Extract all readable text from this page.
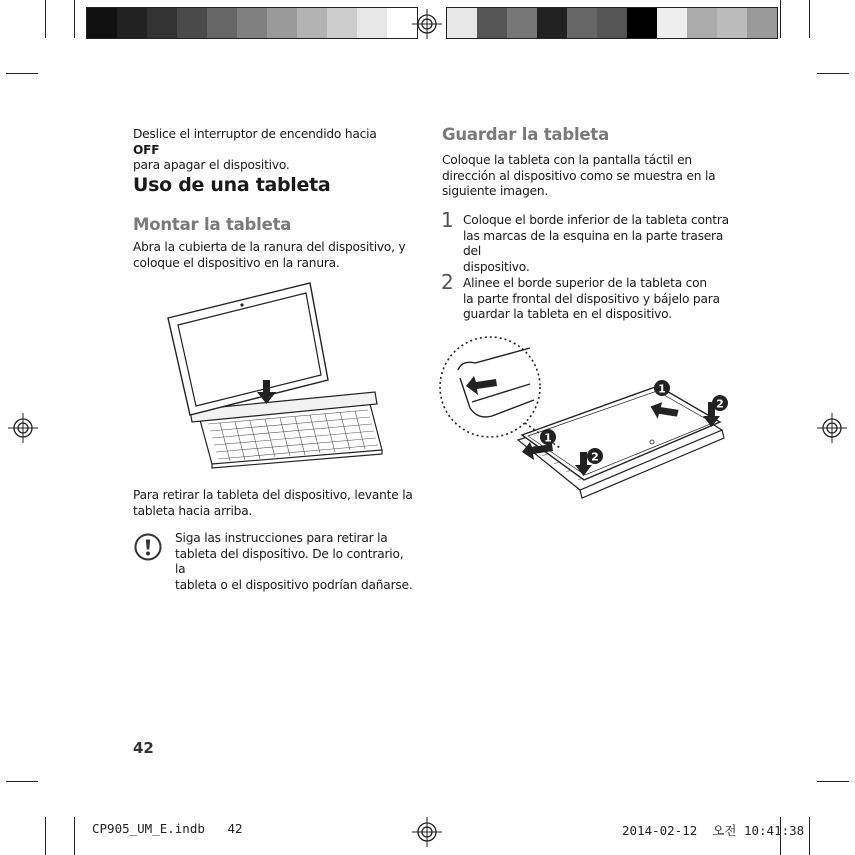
Deslice el interruptor de encendido hacia OFF
para apagar el dispositivo.
Uso de una tableta
Montar la tableta
Abra la cubierta de la ranura del dispositivo, y
coloque el dispositivo en la ranura.
Para retirar la tableta del dispositivo, levante la
tableta hacia arriba.
Siga las instrucciones para retirar la
tableta del dispositivo. De lo contrario, la
tableta o el dispositivo podrían dañarse.
Guardar la tableta
Coloque la tableta con la pantalla táctil en
dirección al dispositivo como se muestra en la
siguiente imagen.
1 Coloque el borde inferior de la tableta contra
las marcas de la esquina en la parte trasera del
dispositivo.
2 Alinee el borde superior de la tableta con
la parte frontal del dispositivo y bájelo para
guardar la tableta en el dispositivo.
1
2
1
2
42
CP905_UM_E.indb   42	2014-02-12  오전 10:41:38
